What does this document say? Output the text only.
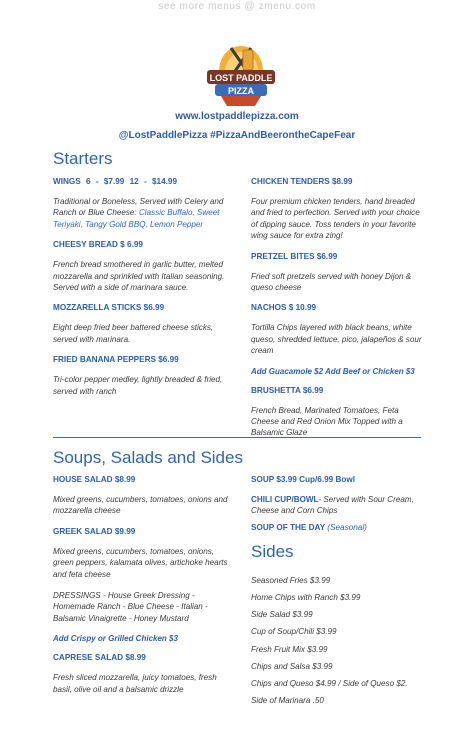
see more menus @ zmenu.com
LOST PADDLE
PIZZA
www.lostpaddlepizza.com
@LostPaddlePizza #PizzaAndBeerontheCapeFear
Starters
WINGS 6 - $7.99 12 - $14.99
Traditional or Boneless, Served with Celery and Ranch or Blue Cheese: Classic Buffalo, Sweet Teriyaki, Tangy Gold BBQ, Lemon Pepper
CHEESY BREAD $ 6.99
French bread smothered in garlic butter, melted mozzarella and sprinkled with Italian seasoning. Served with a side of marinara sauce.
MOZZARELLA STICKS $6.99
Eight deep fried beer battered cheese sticks, served with marinara.
FRIED BANANA PEPPERS $6.99
Tri-color pepper medley, lightly breaded & fried, served with ranch
CHICKEN TENDERS $8.99
Four premium chicken tenders, hand breaded and fried to perfection. Served with your choice of dipping sauce. Toss tenders in your favorite wing sauce for extra zing!
PRETZEL BITES $6.99
Fried soft pretzels served with honey Dijon & queso cheese
NACHOS $ 10.99
Tortilla Chips layered with black beans, white queso, shredded lettuce, pico, jalapeños & sour cream
Add Guacamole $2 Add Beef or Chicken $3
BRUSHETTA $6.99
French Bread, Marinated Tomatoes, Feta Cheese and Red Onion Mix Topped with a Balsamic Glaze
Soups, Salads and Sides
HOUSE SALAD $8.99
Mixed greens, cucumbers, tomatoes, onions and mozzarella cheese
GREEK SALAD $9.99
Mixed greens, cucumbers, tomatoes, onions, green peppers, kalamata olives, artichoke hearts and feta cheese
DRESSINGS - House Greek Dressing - Homemade Ranch - Blue Cheese - Italian - Balsamic Vinaigrette - Honey Mustard
Add Crispy or Grilled Chicken $3
CAPRESE SALAD $8.99
Fresh sliced mozzarella, juicy tomatoes, fresh basil, olive oil and a balsamic drizzle
SOUP $3.99 Cup/6.99 Bowl
CHILI CUP/BOWL- Served with Sour Cream, Cheese and Corn Chips
SOUP OF THE DAY (Seasonal)
Sides
Seasoned Fries $3.99
Home Chips with Ranch $3.99
Side Salad $3.99
Cup of Soup/Chili $3.99
Fresh Fruit Mix $3.99
Chips and Salsa $3.99
Chips and Queso $4.99 / Side of Queso $2.
Side of Marinara .50
